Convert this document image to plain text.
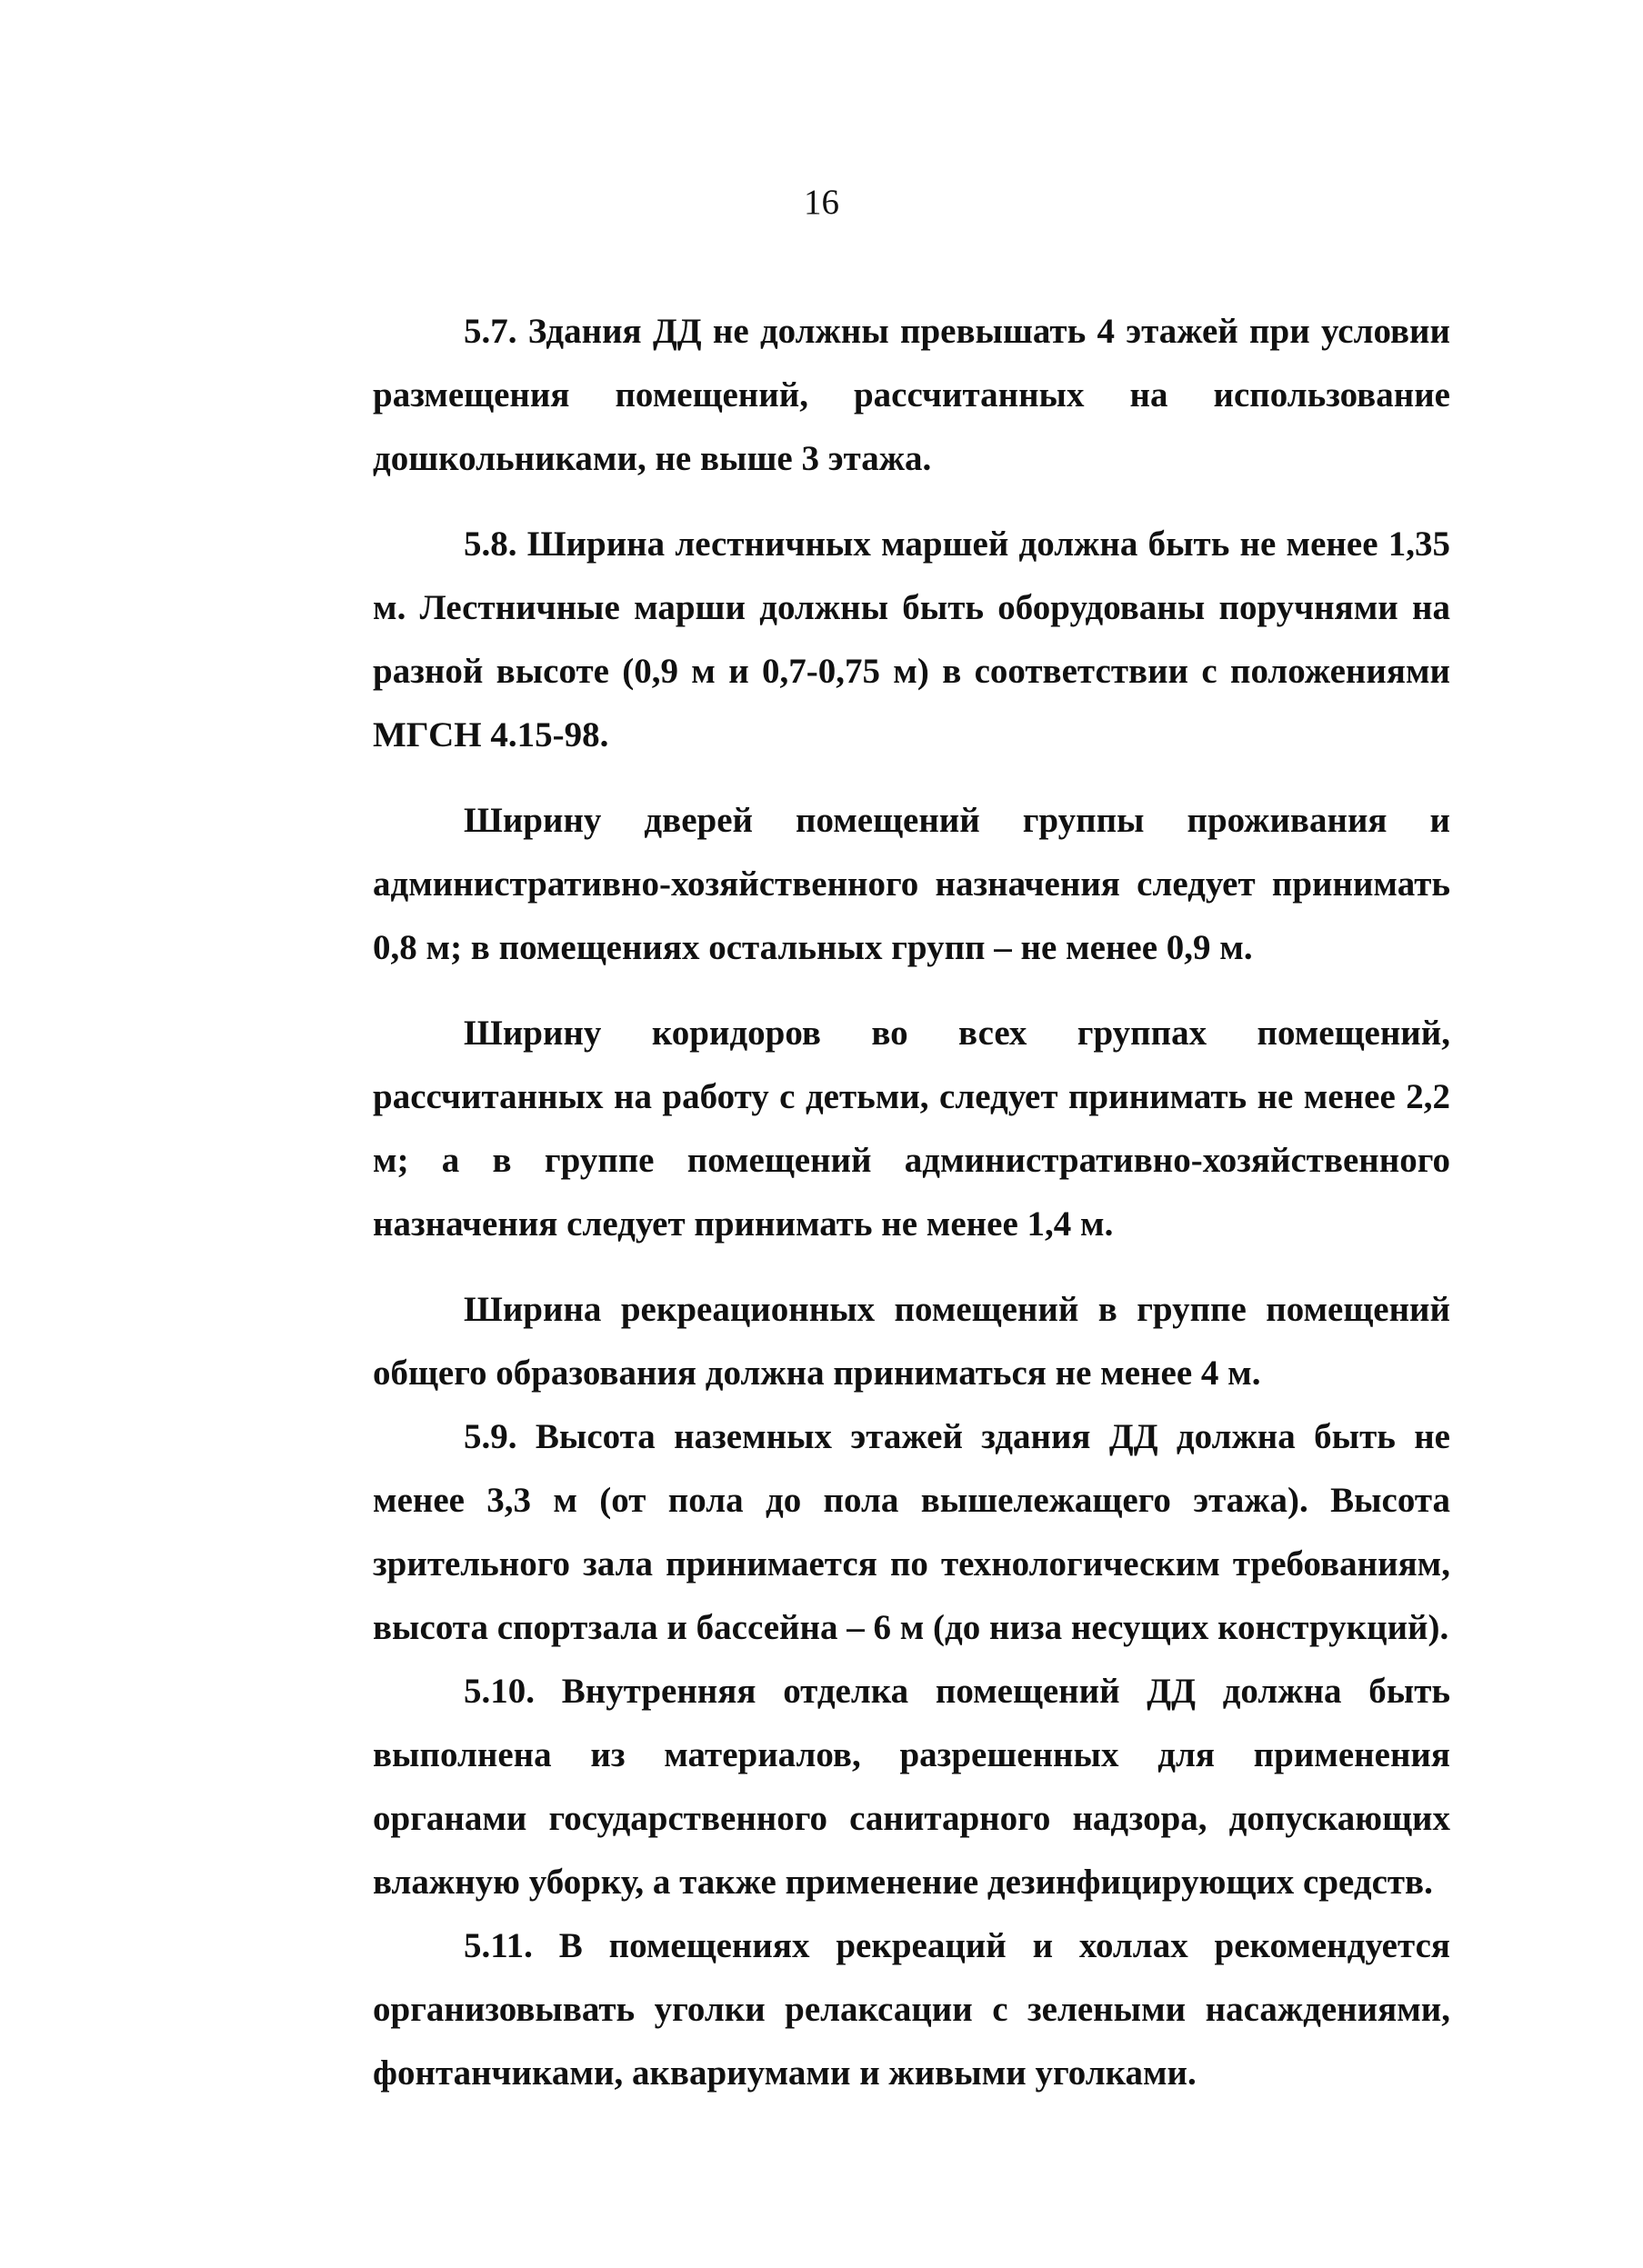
16

5.7. Здания ДД не должны превышать 4 этажей при условии размещения помещений, рассчитанных на использование дошкольниками, не выше 3 этажа.

5.8. Ширина лестничных маршей должна быть не менее 1,35 м. Лестничные марши должны быть оборудованы поручнями на разной высоте (0,9 м и 0,7-0,75 м) в соответствии с положениями МГСН 4.15-98.

Ширину дверей помещений группы проживания и административно-хозяйственного назначения следует принимать 0,8 м; в помещениях остальных групп – не менее 0,9 м.

Ширину коридоров во всех группах помещений, рассчитанных на работу с детьми, следует принимать не менее 2,2 м; а в группе помещений административно-хозяйственного назначения следует принимать не менее 1,4 м.

Ширина рекреационных помещений в группе помещений общего образования должна приниматься не менее 4 м.

5.9. Высота наземных этажей здания ДД должна быть не менее 3,3 м (от пола до пола вышележащего этажа). Высота зрительного зала принимается по технологическим требованиям, высота спортзала и бассейна – 6 м (до низа несущих конструкций).

5.10. Внутренняя отделка помещений ДД должна быть выполнена из материалов, разрешенных для применения органами государственного санитарного надзора, допускающих влажную уборку, а также применение дезинфицирующих средств.

5.11. В помещениях рекреаций и холлах рекомендуется организовывать уголки релаксации с зелеными насаждениями, фонтанчиками, аквариумами и живыми уголками.
